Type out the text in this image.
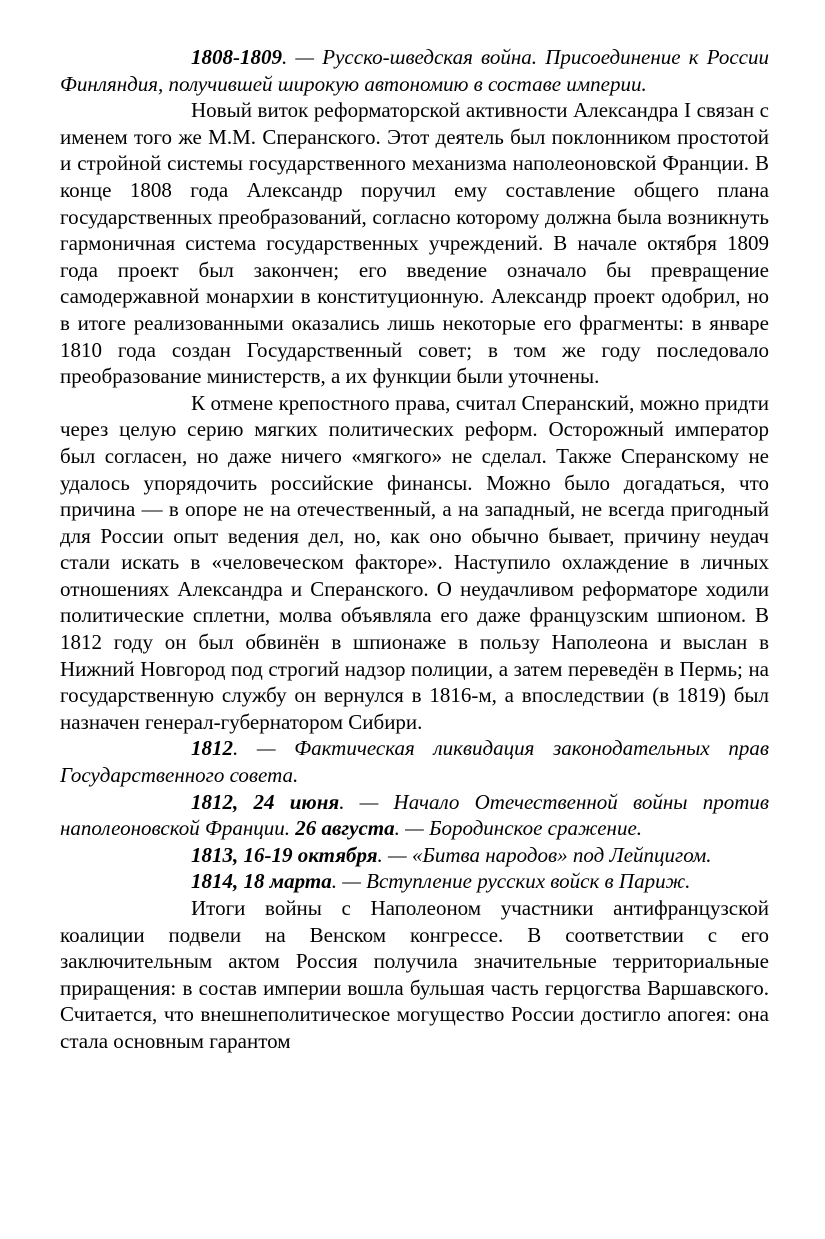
1808-1809. — Русско-шведская война. Присоединение к России Финляндия, получившей широкую автономию в составе империи.

Новый виток реформаторской активности Александра I связан с именем того же М.М. Сперанского. Этот деятель был поклонником простотой и стройной системы государственного механизма наполеоновской Франции. В конце 1808 года Александр поручил ему составление общего плана государственных преобразований, согласно которому должна была возникнуть гармоничная система государственных учреждений. В начале октября 1809 года проект был закончен; его введение означало бы превращение самодержавной монархии в конституционную. Александр проект одобрил, но в итоге реализованными оказались лишь некоторые его фрагменты: в январе 1810 года создан Государственный совет; в том же году последовало преобразование министерств, а их функции были уточнены.

К отмене крепостного права, считал Сперанский, можно придти через целую серию мягких политических реформ. Осторожный император был согласен, но даже ничего «мягкого» не сделал. Также Сперанскому не удалось упорядочить российские финансы. Можно было догадаться, что причина — в опоре не на отечественный, а на западный, не всегда пригодный для России опыт ведения дел, но, как оно обычно бывает, причину неудач стали искать в «человеческом факторе». Наступило охлаждение в личных отношениях Александра и Сперанского. О неудачливом реформаторе ходили политические сплетни, молва объявляла его даже французским шпионом. В 1812 году он был обвинён в шпионаже в пользу Наполеона и выслан в Нижний Новгород под строгий надзор полиции, а затем переведён в Пермь; на государственную службу он вернулся в 1816-м, а впоследствии (в 1819) был назначен генерал-губернатором Сибири.

1812. — Фактическая ликвидация законодательных прав Государственного совета.

1812, 24 июня. — Начало Отечественной войны против наполеоновской Франции. 26 августа. — Бородинское сражение.

1813, 16-19 октября. — «Битва народов» под Лейпцигом.

1814, 18 марта. — Вступление русских войск в Париж.

Итоги войны с Наполеоном участники антифранцузской коалиции подвели на Венском конгрессе. В соответствии с его заключительным актом Россия получила значительные территориальные приращения: в состав империи вошла бульшая часть герцогства Варшавского. Считается, что внешнеполитическое могущество России достигло апогея: она стала основным гарантом
